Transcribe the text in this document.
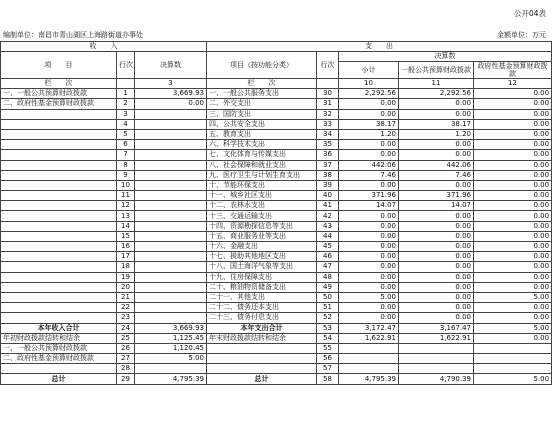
公开04表
编制单位：南昌市青山湖区上海路街道办事处	金额单位：万元
收　　入			支　　出				
项　　目	行次	决算数	项目（按功能分类）	行次	决算数		
					小计	一般公共预算财政拨款	政府性基金预算财政拨款

栏　　次		3	栏　　次		10	11	12
一、一般公共预算财政拨款	1	3,669.93	一、一般公共服务支出	30	2,292.56	2,292.56	0.00
二、政府性基金预算财政拨款	2	0.00	二、外交支出	31	0.00	0.00	0.00
	3		三、国防支出	32	0.00	0.00	0.00
	4		四、公共安全支出	33	38.17	38.17	0.00
	5		五、教育支出	34	1.20	1.20	0.00
	6		六、科学技术支出	35	0.00	0.00	0.00
	7		七、文化体育与传媒支出	36	0.00	0.00	0.00
	8		八、社会保障和就业支出	37	442.06	442.06	0.00
	9		九、医疗卫生与计划生育支出	38	7.46	7.46	0.00
	10		十、节能环保支出	39	0.00	0.00	0.00
	11		十一、城乡社区支出	40	371.96	371.96	0.00
	12		十二、农林水支出	41	14.07	14.07	0.00
	13		十三、交通运输支出	42	0.00	0.00	0.00
	14		十四、资源勘探信息等支出	43	0.00	0.00	0.00
	15		十五、商业服务业等支出	44	0.00	0.00	0.00
	16		十六、金融支出	45	0.00	0.00	0.00
	17		十七、援助其他地区支出	46	0.00	0.00	0.00
	18		十八、国土海洋气象等支出	47	0.00	0.00	0.00
	19		十九、住房保障支出	48	0.00	0.00	0.00
	20		二十、粮油物资储备支出	49	0.00	0.00	0.00
	21		二十一、其他支出	50	5.00	0.00	5.00
	22		二十二、债务还本支出	51	0.00	0.00	0.00
	23		二十三、债务付息支出	52	0.00	0.00	0.00
本年收入合计	24	3,669.93	本年支出合计	53	3,172.47	3,167.47	5.00
年初财政拨款结转和结余	25	1,125.45	年末财政拨款结转和结余	54	1,622.91	1,622.91	0.00
一、一般公共预算财政拨款	26	1,120.45		55			
二、政府性基金预算财政拨款	27	5.00		56			
	28			57			
总计	29	4,795.39	总计	58	4,795.39	4,790.39	5.00
